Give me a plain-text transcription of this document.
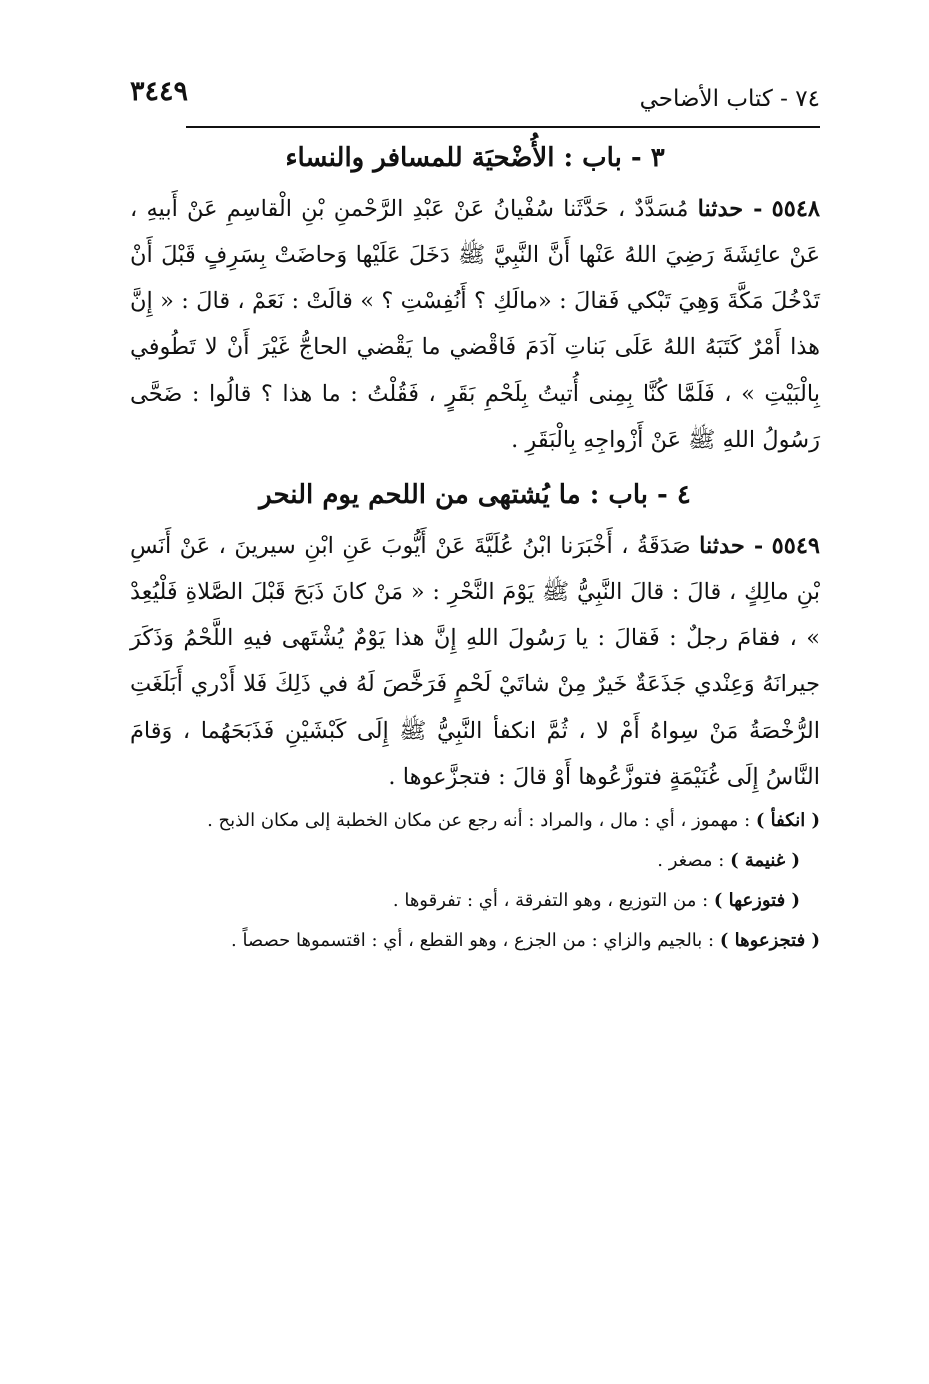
٧٤ - كتاب الأضاحي
٣٤٤٩
٣ - باب : الأُضْحيَة للمسافر والنساء

٥٥٤٨ - حدثنا مُسَدَّدٌ ، حَدَّثَنا سُفْيانُ عَنْ عَبْدِ الرَّحْمنِ بْنِ الْقاسِمِ عَنْ أَبيهِ ، عَنْ عائِشَةَ رَضِيَ اللهُ عَنْها أَنَّ النَّبِيَّ ﷺ دَخَلَ عَلَيْها وَحاضَتْ بِسَرِفٍ قَبْلَ أَنْ تَدْخُلَ مَكَّةَ وَهِيَ تَبْكي فَقالَ : «مالَكِ ؟ أَنُفِسْتِ ؟ » قالَتْ : نَعَمْ ، قالَ : « إِنَّ هذا أَمْرٌ كَتَبَهُ اللهُ عَلَى بَناتِ آدَمَ فَاقْضي ما يَقْضي الحاجُّ غَيْرَ أَنْ لا تَطُوفي بِالْبَيْتِ » ، فَلَمَّا كُنَّا بِمِنى أُتيتُ بِلَحْمِ بَقَرٍ ، فَقُلْتُ : ما هذا ؟ قالُوا : ضَحَّى رَسُولُ اللهِ ﷺ عَنْ أَزْواجِهِ بِالْبَقَرِ .

٤ - باب : ما يُشتهى من اللحم يوم النحر

٥٥٤٩ - حدثنا صَدَقَةُ ، أَخْبَرَنا ابْنُ عُلَيَّةَ عَنْ أَيُّوبَ عَنِ ابْنِ سيرينَ ، عَنْ أَنَسِ بْنِ مالِكٍ ، قالَ : قالَ النَّبِيُّ ﷺ يَوْمَ النَّحْرِ : « مَنْ كانَ ذَبَحَ قَبْلَ الصَّلاةِ فَلْيُعِدْ » ، فقامَ رجلٌ : فَقالَ : يا رَسُولَ اللهِ إِنَّ هذا يَوْمٌ يُشْتَهى فيهِ اللَّحْمُ وَذَكَرَ جيرانَهُ وَعِنْدي جَذَعَةٌ خَيرٌ مِنْ شاتَيْ لَحْمٍ فَرَخَّصَ لَهُ في ذَلِكَ فَلا أَدْري أَبَلَغَتِ الرُّخْصَةُ مَنْ سِواهُ أَمْ لا ، ثُمَّ انكفأ النَّبِيُّ ﷺ إِلَى كَبْشَيْنِ فَذَبَحَهُما ، وَقامَ النَّاسُ إِلَى غُنَيْمَةٍ فتوزَّعُوها أَوْ قالَ : فتجزَّعوها .

( انكفأ ) : مهموز ، أي : مال ، والمراد : أنه رجع عن مكان الخطبة إلى مكان الذبح .

( غنيمة ) : مصغر .

( فتوزعها ) : من التوزيع ، وهو التفرقة ، أي : تفرقوها .

( فتجزعوها ) : بالجيم والزاي : من الجزع ، وهو القطع ، أي : اقتسموها حصصاً .
